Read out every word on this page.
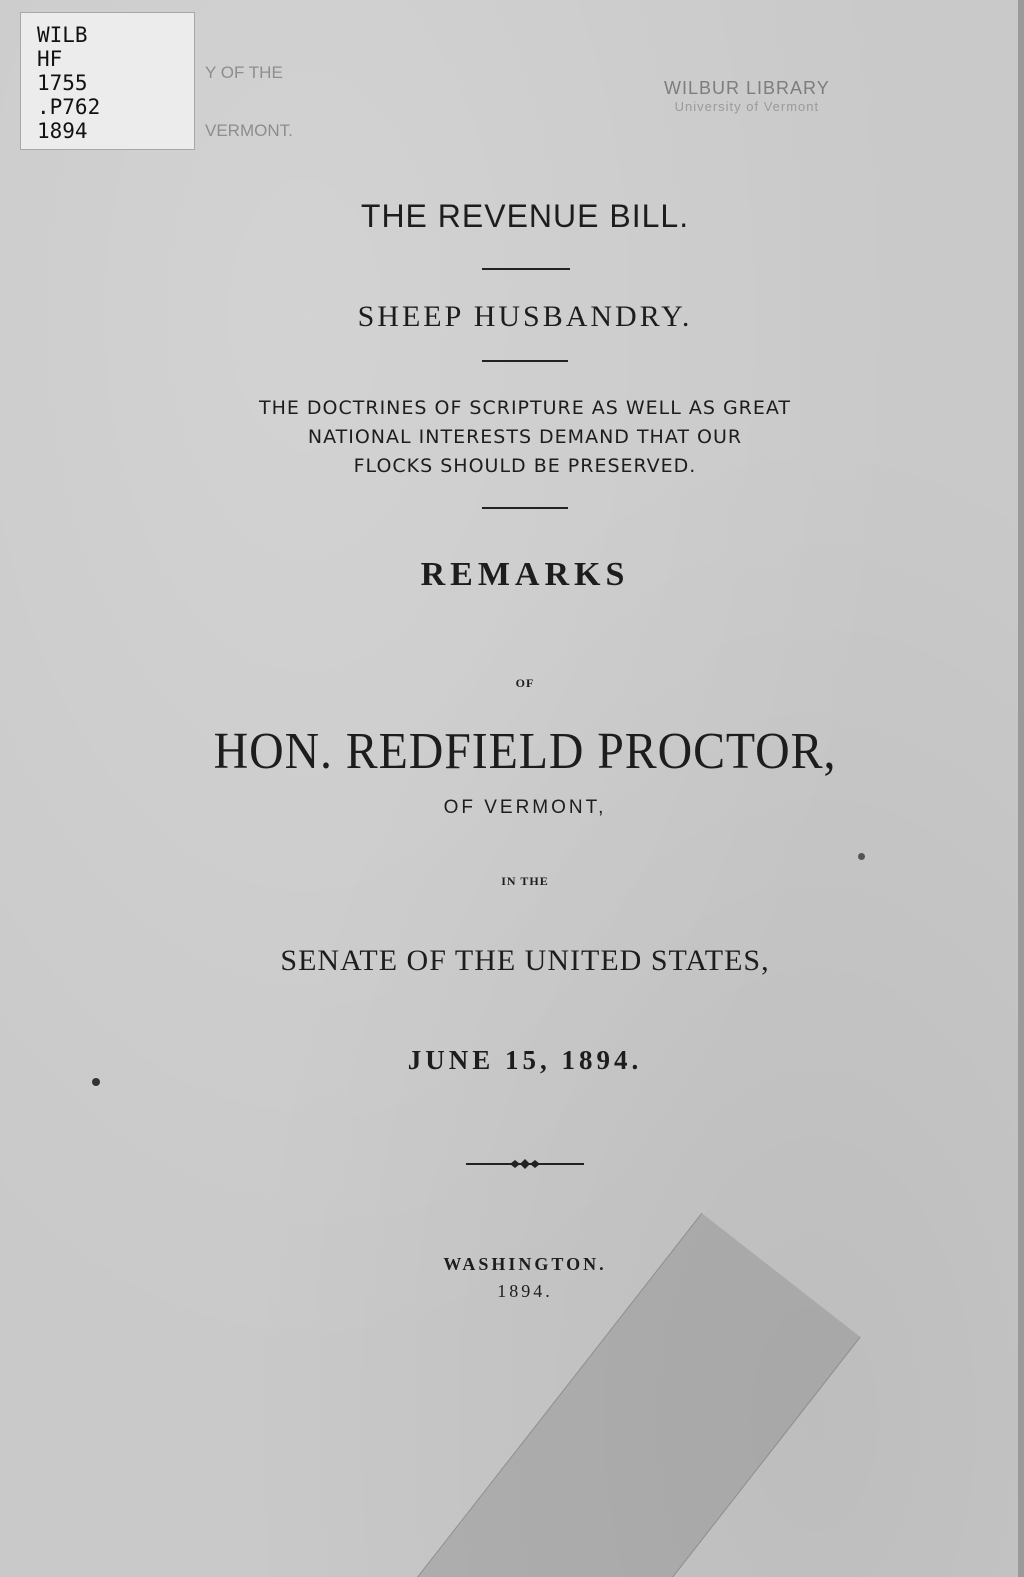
WILB
HF
1755
.P762
1894
Y OF THE
VERMONT.
WILBUR LIBRARY
University of Vermont
THE REVENUE BILL.
SHEEP HUSBANDRY.
THE DOCTRINES OF SCRIPTURE AS WELL AS GREAT
NATIONAL INTERESTS DEMAND THAT OUR
FLOCKS SHOULD BE PRESERVED.
REMARKS
OF
HON. REDFIELD PROCTOR,
OF VERMONT,
IN THE
SENATE OF THE UNITED STATES,
JUNE 15, 1894.
WASHINGTON.
1894.
